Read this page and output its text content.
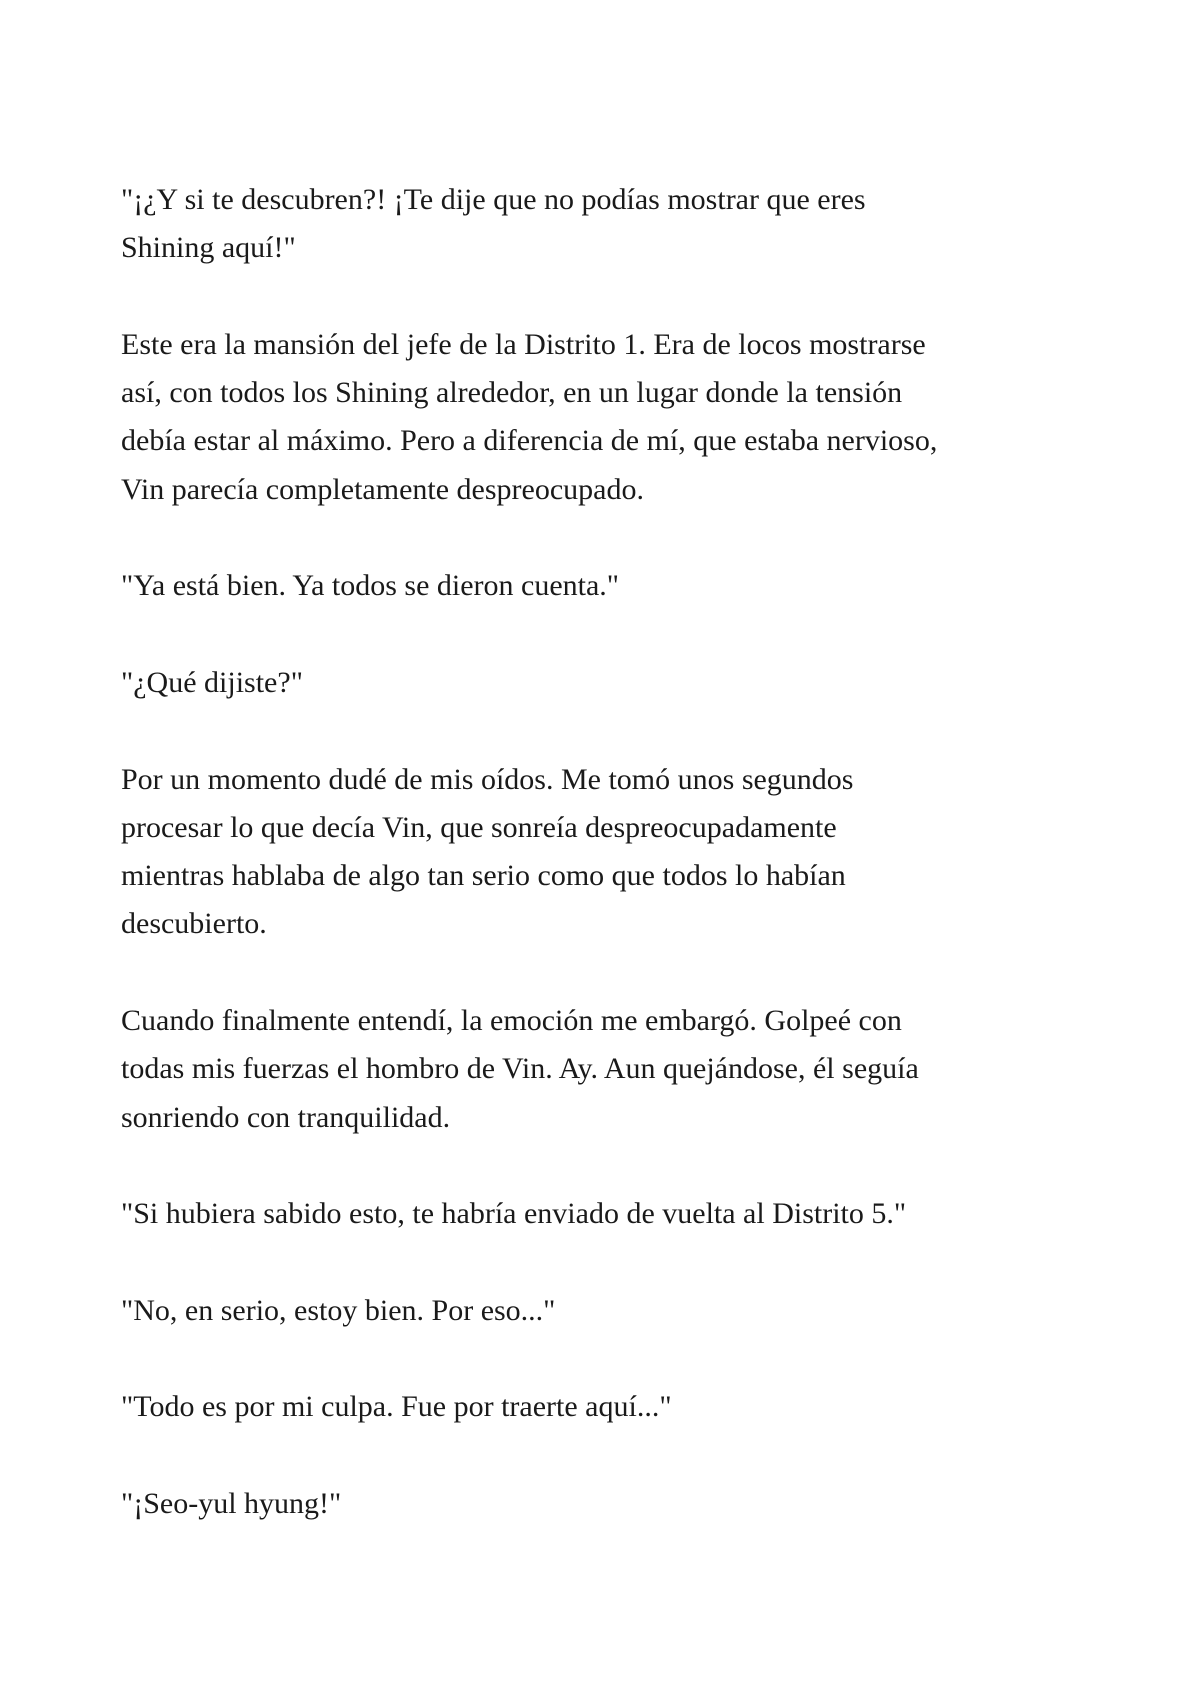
"¡¿Y si te descubren?! ¡Te dije que no podías mostrar que eres
Shining aquí!"

Este era la mansión del jefe de la Distrito 1. Era de locos mostrarse
así, con todos los Shining alrededor, en un lugar donde la tensión
debía estar al máximo. Pero a diferencia de mí, que estaba nervioso,
Vin parecía completamente despreocupado.

"Ya está bien. Ya todos se dieron cuenta."

"¿Qué dijiste?"

Por un momento dudé de mis oídos. Me tomó unos segundos
procesar lo que decía Vin, que sonreía despreocupadamente
mientras hablaba de algo tan serio como que todos lo habían
descubierto.

Cuando finalmente entendí, la emoción me embargó. Golpeé con
todas mis fuerzas el hombro de Vin. Ay. Aun quejándose, él seguía
sonriendo con tranquilidad.

"Si hubiera sabido esto, te habría enviado de vuelta al Distrito 5."

"No, en serio, estoy bien. Por eso..."

"Todo es por mi culpa. Fue por traerte aquí..."

"¡Seo-yul hyung!"
